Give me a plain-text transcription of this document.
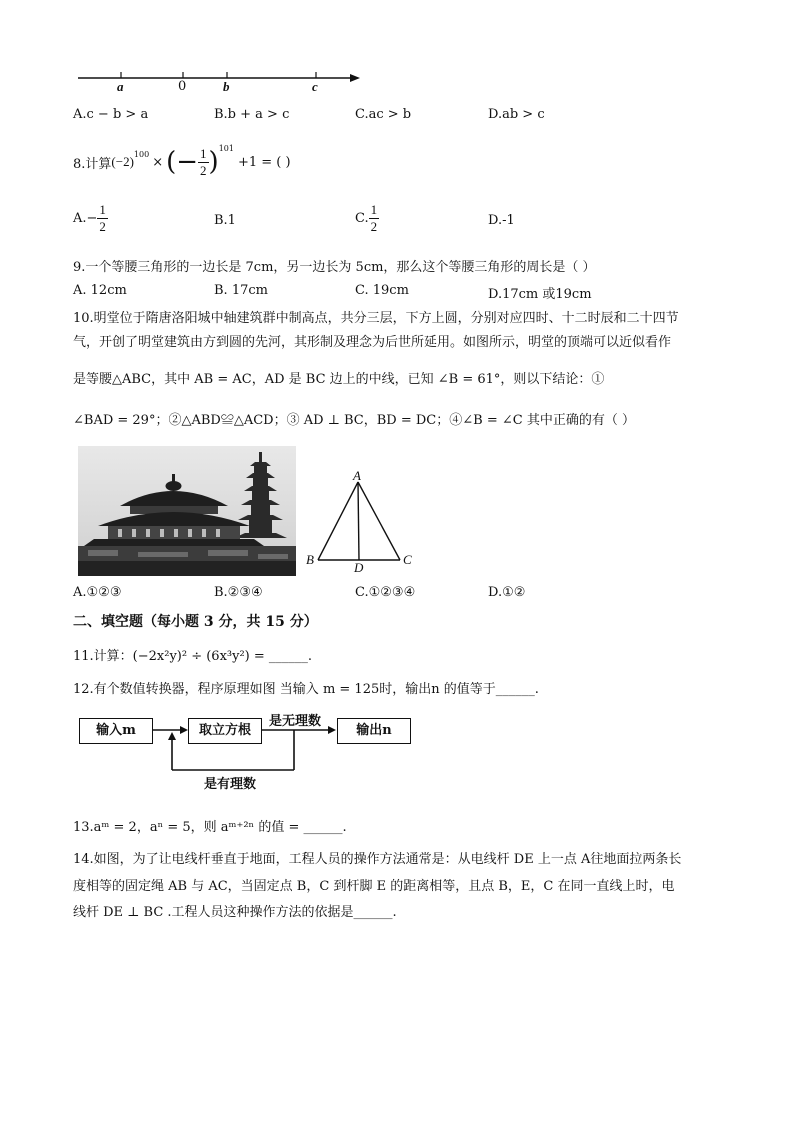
a	0	b	c
A.c − b > a	B.b + a > c	C.ac > b	D.ab > c
8.计算 $(-2)^{100}$
× (− $\frac{1}{2} )^{101}$
+1 = ( )
$A.- \frac{1}{2}$	B.1	C. $\frac{1}{2}$	D.-1
9.一个等腰三角形的一边长是 7cm，另一边长为 5cm，那么这个等腰三角形的周长是（ ）
A. 12cm	B. 17cm	C. 19cm	D.17cm 或19cm
10.明堂位于隋唐洛阳城中轴建筑群中制高点，共分三层，下方上圆，分别对应四时、十二时辰和二十四节
气，开创了明堂建筑由方到圆的先河，其形制及理念为后世所延用。如图所示，明堂的顶端可以近似看作
是等腰△ABC，其中 AB = AC，AD 是 BC 边上的中线，已知 ∠B = 61°，则以下结论：①
∠BAD = 29°；②△ABD≌△ACD；③ AD ⊥ BC，BD = DC；④∠B = ∠C 其中正确的有（ ）
A
B	C
D
A.①②③	B.②③④	C.①②③④	D.①②
二、填空题（每小题 3 分，共 15 分）
11.计算：(−2x²y)² ÷ (6x³y²) = ______.
12.有个数值转换器，程序原理如图 当输入 m = 125时，输出n 的值等于______.
输入m	取立方根	输出n
是无理数
是有理数
13.aᵐ = 2，aⁿ = 5，则 aᵐ⁺²ⁿ 的值 = ______.
14.如图，为了让电线杆垂直于地面，工程人员的操作方法通常是：从电线杆 DE 上一点 A往地面拉两条长
度相等的固定绳 AB 与 AC，当固定点 B，C 到杆脚 E 的距离相等，且点 B，E，C 在同一直线上时，电
线杆 DE ⊥ BC .工程人员这种操作方法的依据是______.
